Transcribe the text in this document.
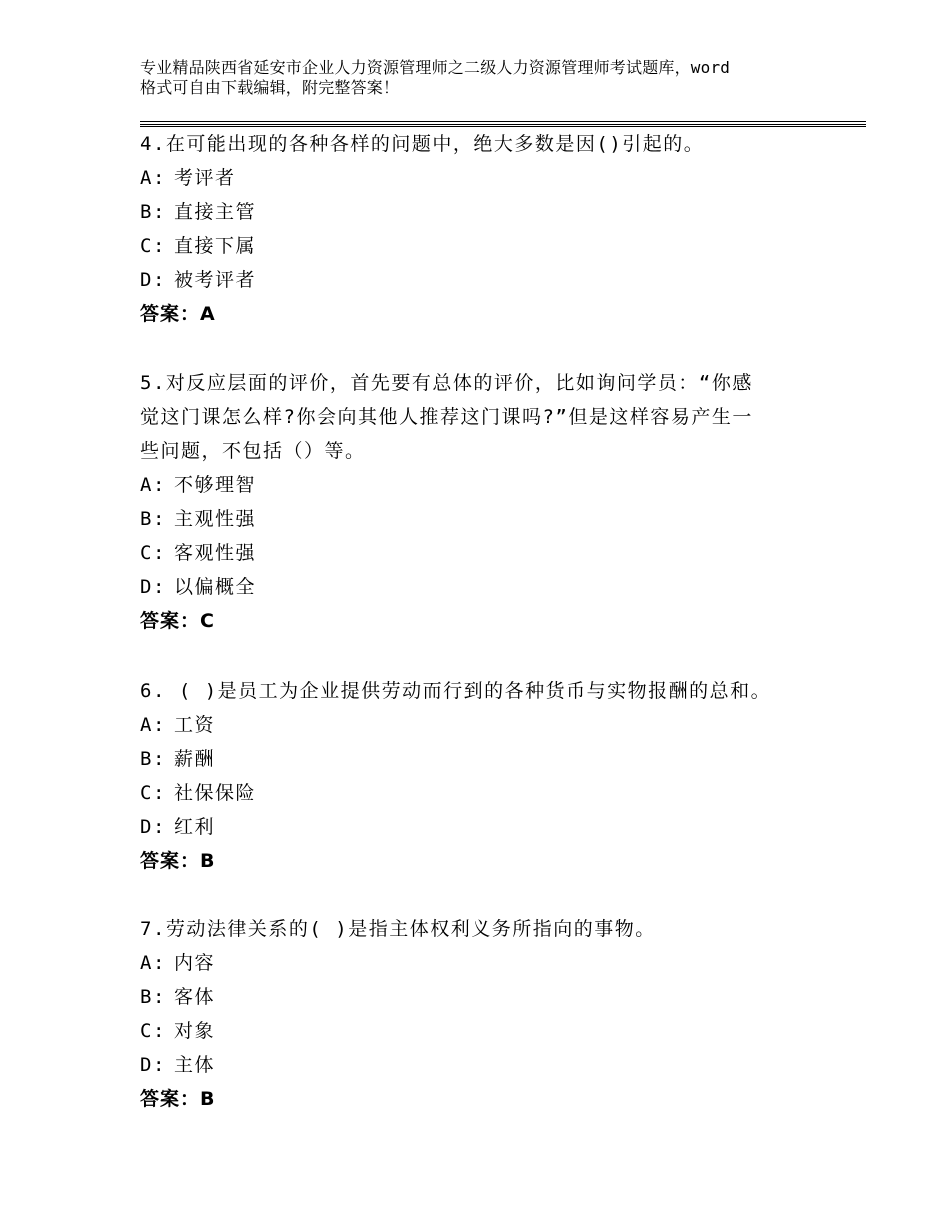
专业精品陕西省延安市企业人力资源管理师之二级人力资源管理师考试题库，word
格式可自由下载编辑，附完整答案！
4.在可能出现的各种各样的问题中，绝大多数是因()引起的。
A: 考评者
B: 直接主管
C: 直接下属
D: 被考评者
答案：A
5.对反应层面的评价，首先要有总体的评价，比如询问学员：“你感
觉这门课怎么样?你会向其他人推荐这门课吗?”但是这样容易产生一
些问题，不包括（）等。
A: 不够理智
B: 主观性强
C: 客观性强
D: 以偏概全
答案：C
6. ( )是员工为企业提供劳动而行到的各种货币与实物报酬的总和。
A: 工资
B: 薪酬
C: 社保保险
D: 红利
答案：B
7.劳动法律关系的( )是指主体权利义务所指向的事物。
A: 内容
B: 客体
C: 对象
D: 主体
答案：B
